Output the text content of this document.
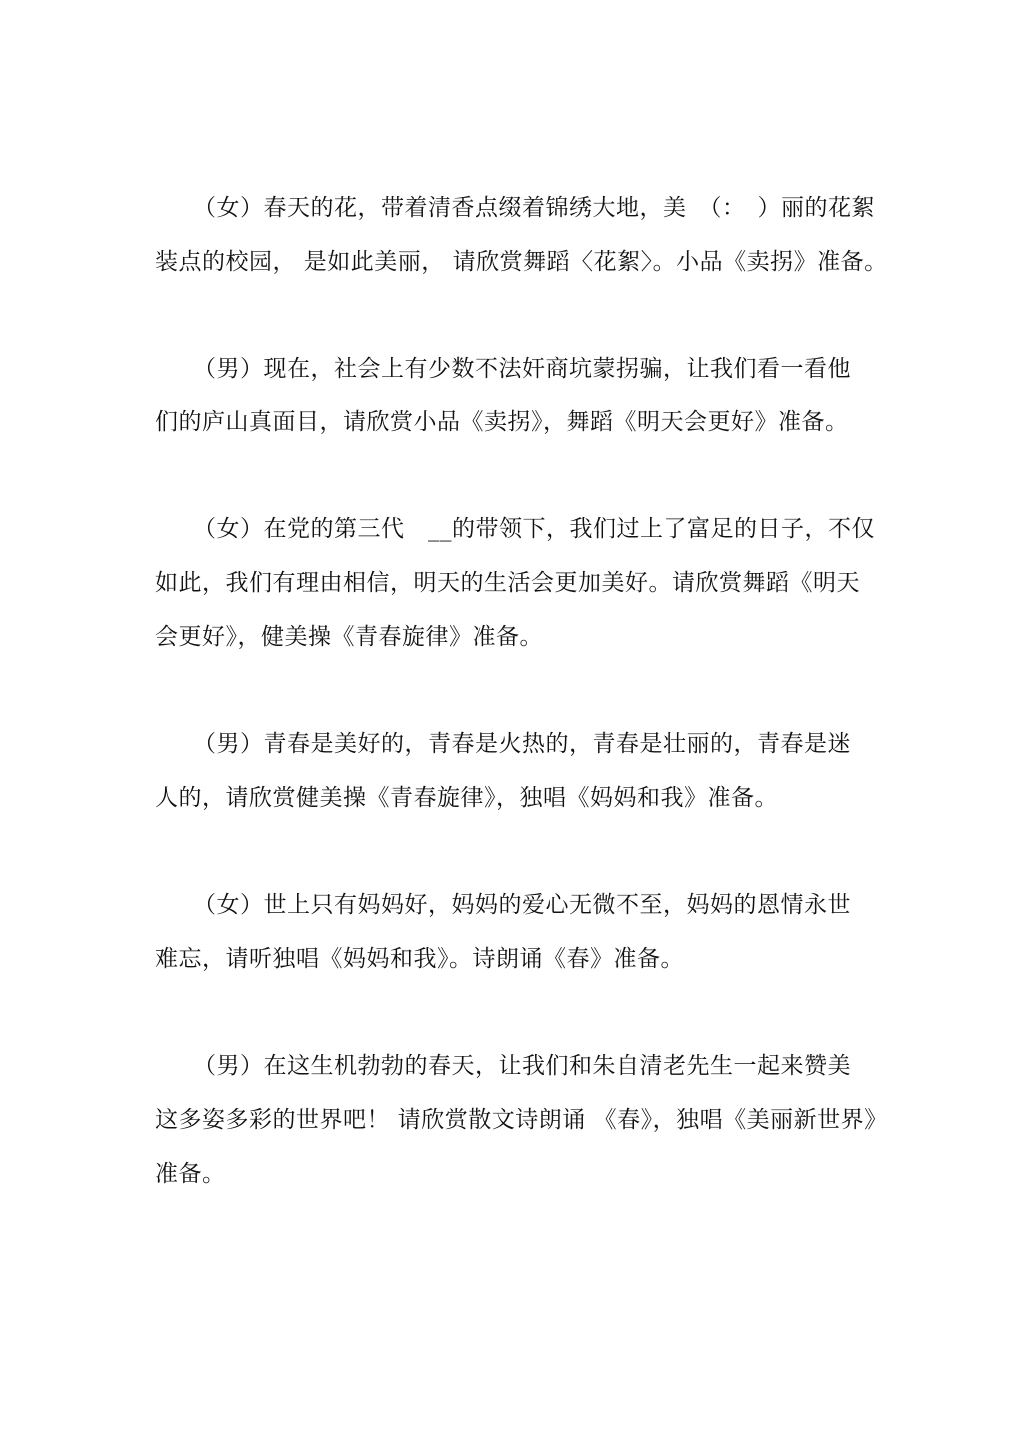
（女）春天的花，带着清香点缀着锦绣大地，美　（：　）丽的花絮
装点的校园， 是如此美丽， 请欣赏舞蹈〈花絮〉。小品《卖拐》准备。
（男）现在，社会上有少数不法奸商坑蒙拐骗，让我们看一看他
们的庐山真面目，请欣赏小品《卖拐》，舞蹈《明天会更好》准备。
（女）在党的第三代　__的带领下，我们过上了富足的日子，不仅
如此，我们有理由相信，明天的生活会更加美好。请欣赏舞蹈《明天
会更好》，健美操《青春旋律》准备。
（男）青春是美好的，青春是火热的，青春是壮丽的，青春是迷
人的，请欣赏健美操《青春旋律》，独唱《妈妈和我》准备。
（女）世上只有妈妈好，妈妈的爱心无微不至，妈妈的恩情永世
难忘，请听独唱《妈妈和我》。诗朗诵《春》准备。
（男）在这生机勃勃的春天，让我们和朱自清老先生一起来赞美
这多姿多彩的世界吧！ 请欣赏散文诗朗诵 《春》，独唱《美丽新世界》
准备。
